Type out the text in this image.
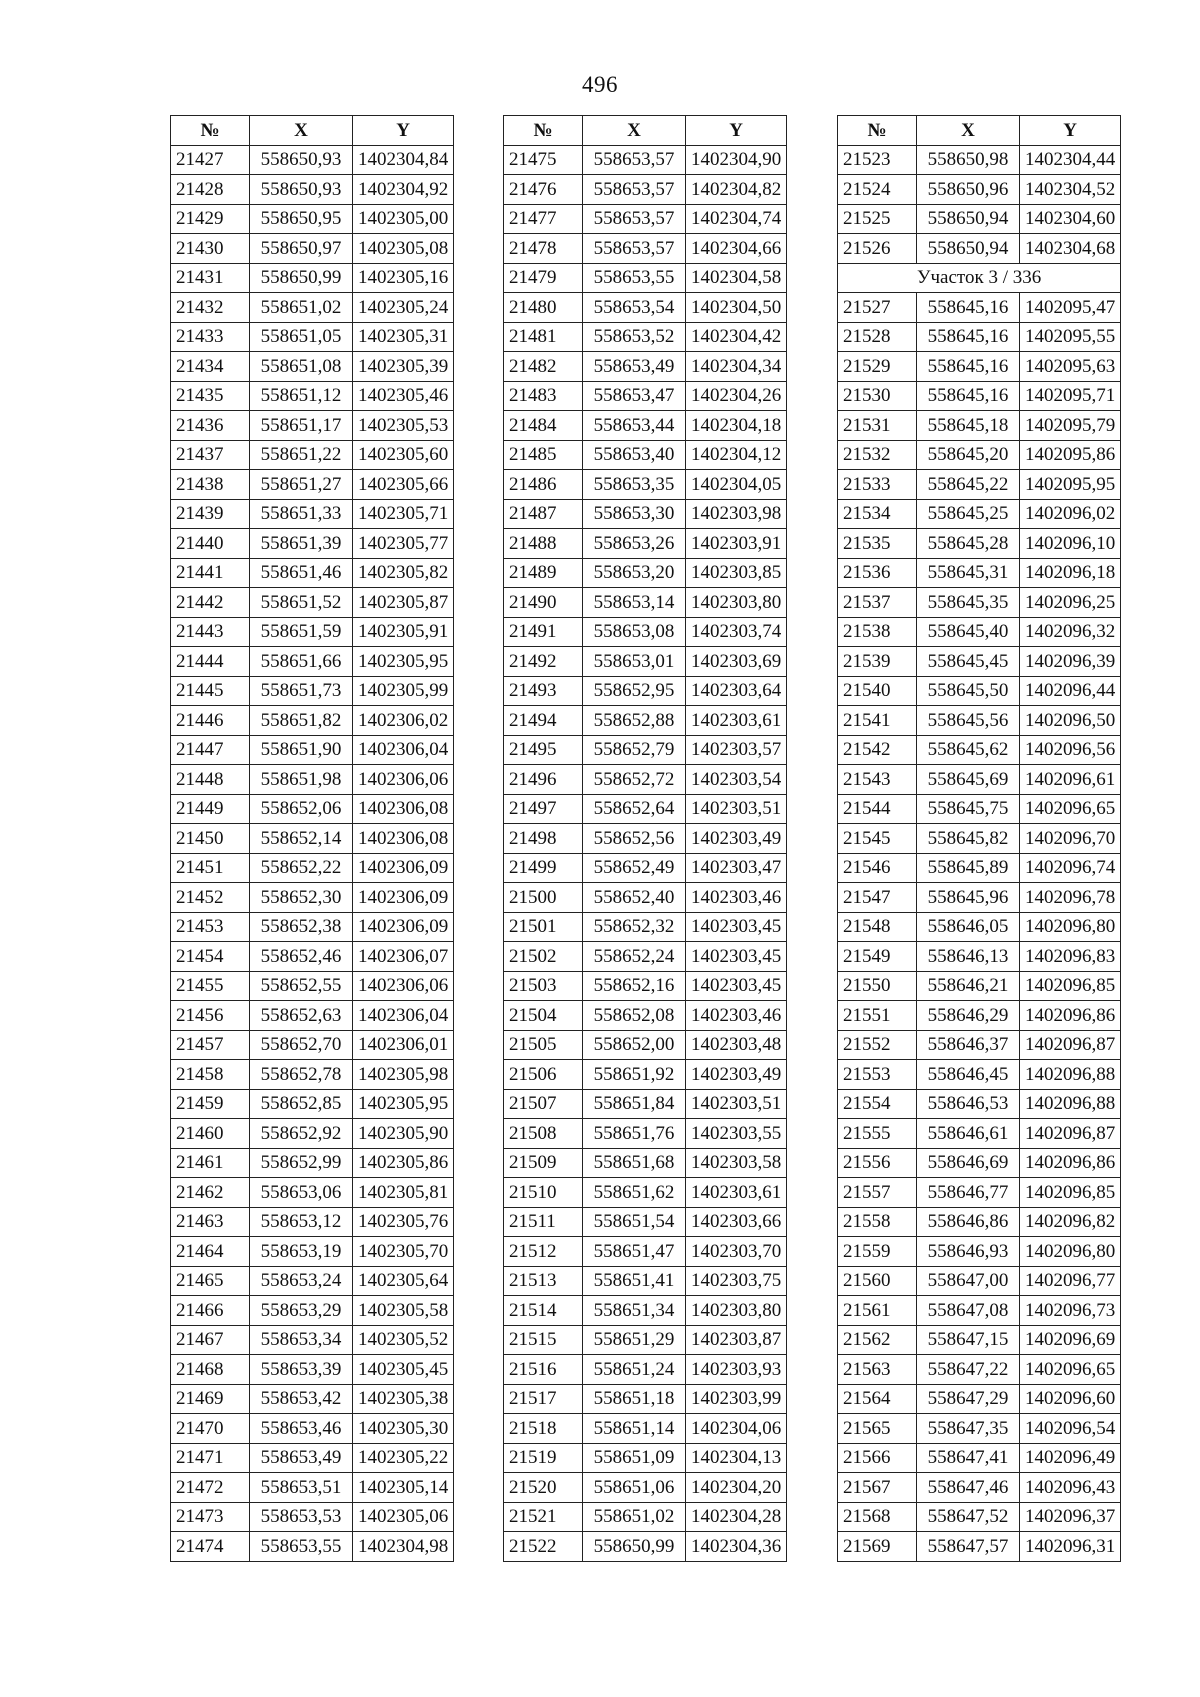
496
№	X	Y
21427	558650,93	1402304,84
21428	558650,93	1402304,92
21429	558650,95	1402305,00
21430	558650,97	1402305,08
21431	558650,99	1402305,16
21432	558651,02	1402305,24
21433	558651,05	1402305,31
21434	558651,08	1402305,39
21435	558651,12	1402305,46
21436	558651,17	1402305,53
21437	558651,22	1402305,60
21438	558651,27	1402305,66
21439	558651,33	1402305,71
21440	558651,39	1402305,77
21441	558651,46	1402305,82
21442	558651,52	1402305,87
21443	558651,59	1402305,91
21444	558651,66	1402305,95
21445	558651,73	1402305,99
21446	558651,82	1402306,02
21447	558651,90	1402306,04
21448	558651,98	1402306,06
21449	558652,06	1402306,08
21450	558652,14	1402306,08
21451	558652,22	1402306,09
21452	558652,30	1402306,09
21453	558652,38	1402306,09
21454	558652,46	1402306,07
21455	558652,55	1402306,06
21456	558652,63	1402306,04
21457	558652,70	1402306,01
21458	558652,78	1402305,98
21459	558652,85	1402305,95
21460	558652,92	1402305,90
21461	558652,99	1402305,86
21462	558653,06	1402305,81
21463	558653,12	1402305,76
21464	558653,19	1402305,70
21465	558653,24	1402305,64
21466	558653,29	1402305,58
21467	558653,34	1402305,52
21468	558653,39	1402305,45
21469	558653,42	1402305,38
21470	558653,46	1402305,30
21471	558653,49	1402305,22
21472	558653,51	1402305,14
21473	558653,53	1402305,06
21474	558653,55	1402304,98
№	X	Y
21475	558653,57	1402304,90
21476	558653,57	1402304,82
21477	558653,57	1402304,74
21478	558653,57	1402304,66
21479	558653,55	1402304,58
21480	558653,54	1402304,50
21481	558653,52	1402304,42
21482	558653,49	1402304,34
21483	558653,47	1402304,26
21484	558653,44	1402304,18
21485	558653,40	1402304,12
21486	558653,35	1402304,05
21487	558653,30	1402303,98
21488	558653,26	1402303,91
21489	558653,20	1402303,85
21490	558653,14	1402303,80
21491	558653,08	1402303,74
21492	558653,01	1402303,69
21493	558652,95	1402303,64
21494	558652,88	1402303,61
21495	558652,79	1402303,57
21496	558652,72	1402303,54
21497	558652,64	1402303,51
21498	558652,56	1402303,49
21499	558652,49	1402303,47
21500	558652,40	1402303,46
21501	558652,32	1402303,45
21502	558652,24	1402303,45
21503	558652,16	1402303,45
21504	558652,08	1402303,46
21505	558652,00	1402303,48
21506	558651,92	1402303,49
21507	558651,84	1402303,51
21508	558651,76	1402303,55
21509	558651,68	1402303,58
21510	558651,62	1402303,61
21511	558651,54	1402303,66
21512	558651,47	1402303,70
21513	558651,41	1402303,75
21514	558651,34	1402303,80
21515	558651,29	1402303,87
21516	558651,24	1402303,93
21517	558651,18	1402303,99
21518	558651,14	1402304,06
21519	558651,09	1402304,13
21520	558651,06	1402304,20
21521	558651,02	1402304,28
21522	558650,99	1402304,36
№	X	Y
21523	558650,98	1402304,44
21524	558650,96	1402304,52
21525	558650,94	1402304,60
21526	558650,94	1402304,68
Участок 3 / 336		
21527	558645,16	1402095,47
21528	558645,16	1402095,55
21529	558645,16	1402095,63
21530	558645,16	1402095,71
21531	558645,18	1402095,79
21532	558645,20	1402095,86
21533	558645,22	1402095,95
21534	558645,25	1402096,02
21535	558645,28	1402096,10
21536	558645,31	1402096,18
21537	558645,35	1402096,25
21538	558645,40	1402096,32
21539	558645,45	1402096,39
21540	558645,50	1402096,44
21541	558645,56	1402096,50
21542	558645,62	1402096,56
21543	558645,69	1402096,61
21544	558645,75	1402096,65
21545	558645,82	1402096,70
21546	558645,89	1402096,74
21547	558645,96	1402096,78
21548	558646,05	1402096,80
21549	558646,13	1402096,83
21550	558646,21	1402096,85
21551	558646,29	1402096,86
21552	558646,37	1402096,87
21553	558646,45	1402096,88
21554	558646,53	1402096,88
21555	558646,61	1402096,87
21556	558646,69	1402096,86
21557	558646,77	1402096,85
21558	558646,86	1402096,82
21559	558646,93	1402096,80
21560	558647,00	1402096,77
21561	558647,08	1402096,73
21562	558647,15	1402096,69
21563	558647,22	1402096,65
21564	558647,29	1402096,60
21565	558647,35	1402096,54
21566	558647,41	1402096,49
21567	558647,46	1402096,43
21568	558647,52	1402096,37
21569	558647,57	1402096,31
